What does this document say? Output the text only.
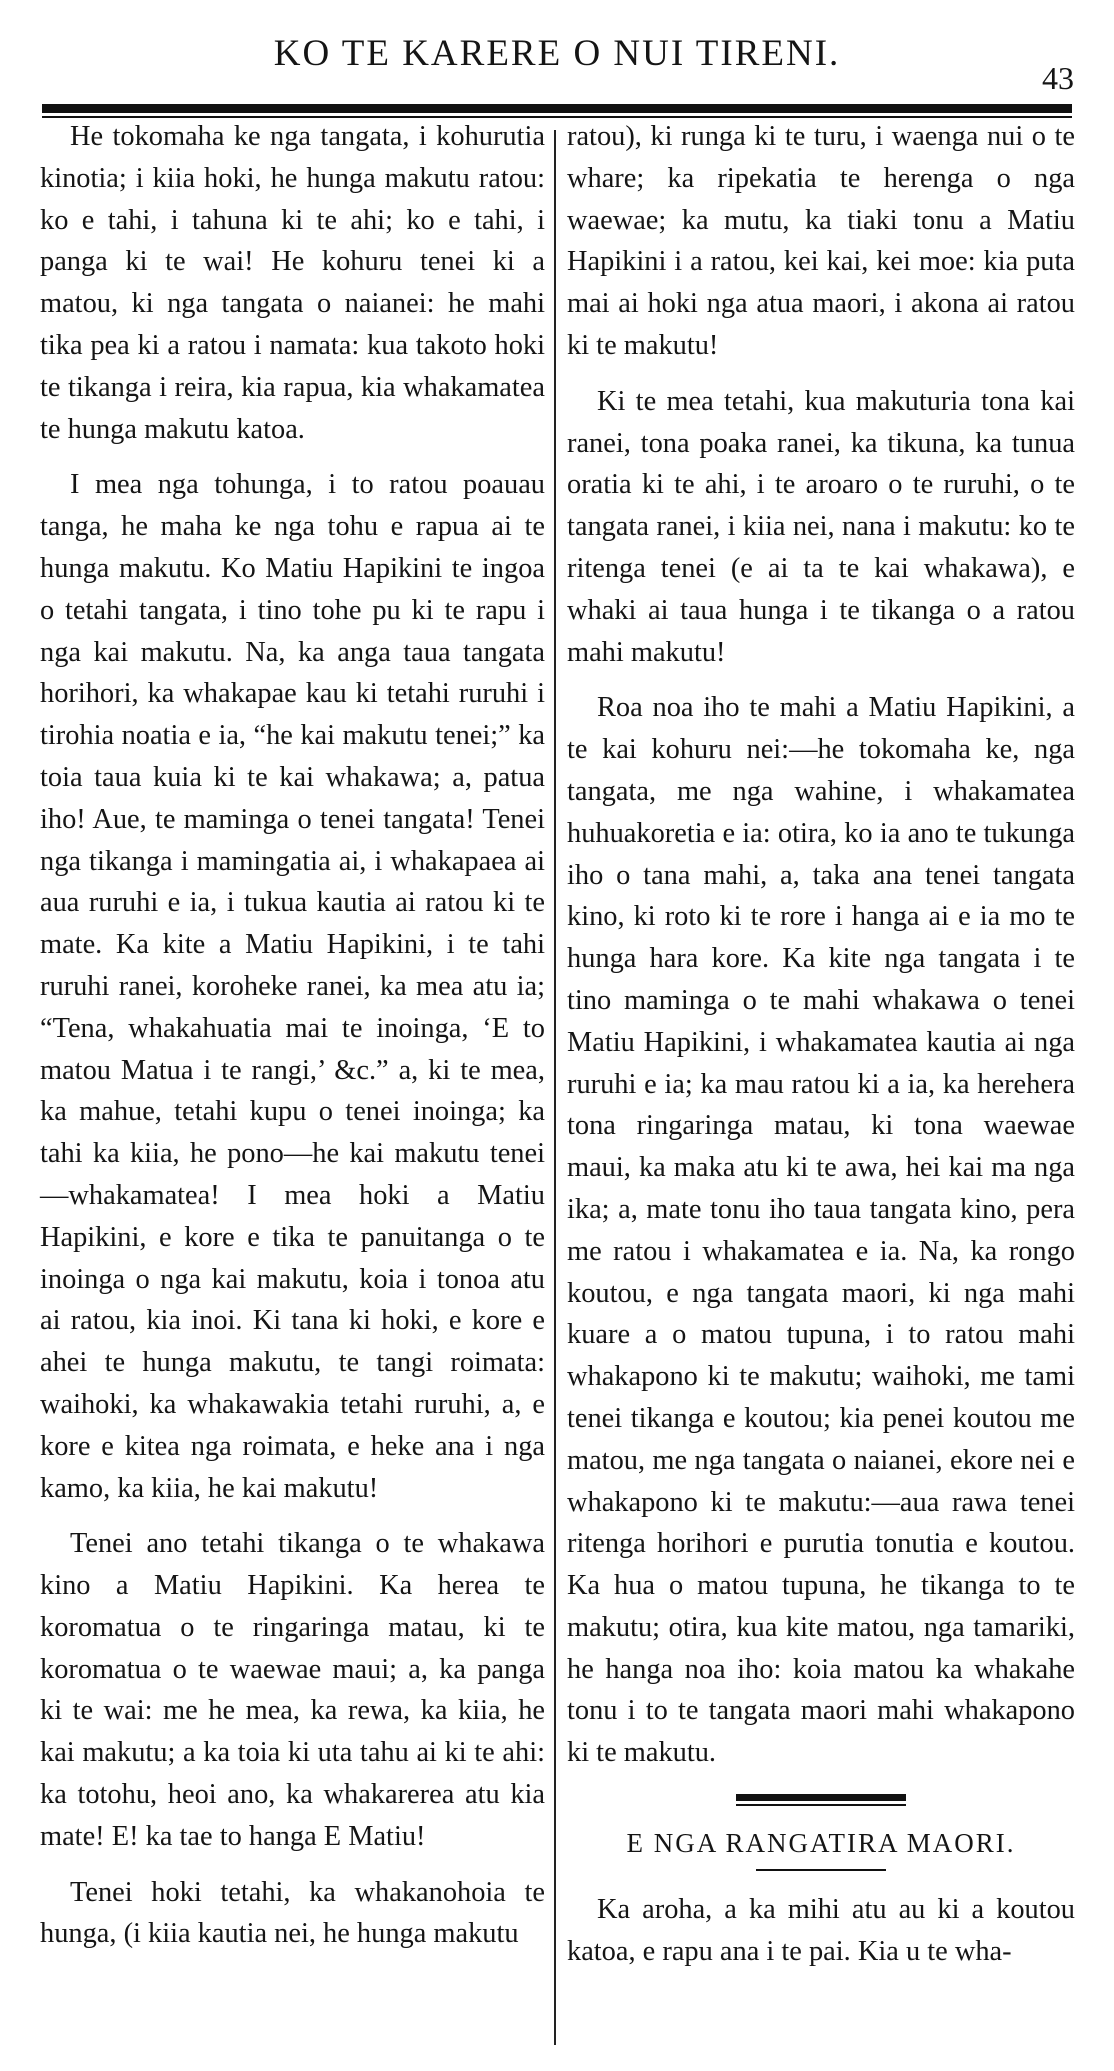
KO TE KARERE O NUI TIRENI.
43

He tokomaha ke nga tangata, i kohurutia kinotia; i kiia hoki, he hunga makutu ratou: ko e tahi, i tahuna ki te ahi; ko e tahi, i panga ki te wai! He kohuru tenei ki a matou, ki nga tangata o naianei: he mahi tika pea ki a ratou i namata: kua takoto hoki te tikanga i reira, kia rapua, kia whakamatea te hunga makutu katoa.

I mea nga tohunga, i to ratou poauau tanga, he maha ke nga tohu e rapua ai te hunga makutu. Ko Matiu Hapikini te ingoa o tetahi tangata, i tino tohe pu ki te rapu i nga kai makutu. Na, ka anga taua tangata horihori, ka whakapae kau ki tetahi ruruhi i tirohia noatia e ia, “he kai makutu tenei;” ka toia taua kuia ki te kai whakawa; a, patua iho! Aue, te maminga o tenei tangata! Tenei nga tikanga i mamingatia ai, i whakapaea ai aua ruruhi e ia, i tukua kautia ai ratou ki te mate. Ka kite a Matiu Hapikini, i te tahi ruruhi ranei, koroheke ranei, ka mea atu ia; “Tena, whakahuatia mai te inoinga, ‘E to matou Matua i te rangi,’ &c.” a, ki te mea, ka mahue, tetahi kupu o tenei inoinga; ka tahi ka kiia, he pono—he kai makutu tenei—whakamatea! I mea hoki a Matiu Hapikini, e kore e tika te panuitanga o te inoinga o nga kai makutu, koia i tonoa atu ai ratou, kia inoi. Ki tana ki hoki, e kore e ahei te hunga makutu, te tangi roimata: waihoki, ka whakawakia tetahi ruruhi, a, e kore e kitea nga roimata, e heke ana i nga kamo, ka kiia, he kai makutu!

Tenei ano tetahi tikanga o te whakawa kino a Matiu Hapikini. Ka herea te koromatua o te ringaringa matau, ki te koromatua o te waewae maui; a, ka panga ki te wai: me he mea, ka rewa, ka kiia, he kai makutu; a ka toia ki uta tahu ai ki te ahi: ka totohu, heoi ano, ka whakarerea atu kia mate! E! ka tae to hanga E Matiu!

Tenei hoki tetahi, ka whakanohoia te hunga, (i kiia kautia nei, he hunga makutu

ratou), ki runga ki te turu, i waenga nui o te whare; ka ripekatia te herenga o nga waewae; ka mutu, ka tiaki tonu a Matiu Hapikini i a ratou, kei kai, kei moe: kia puta mai ai hoki nga atua maori, i akona ai ratou ki te makutu!

Ki te mea tetahi, kua makuturia tona kai ranei, tona poaka ranei, ka tikuna, ka tunua oratia ki te ahi, i te aroaro o te ruruhi, o te tangata ranei, i kiia nei, nana i makutu: ko te ritenga tenei (e ai ta te kai whakawa), e whaki ai taua hunga i te tikanga o a ratou mahi makutu!

Roa noa iho te mahi a Matiu Hapikini, a te kai kohuru nei:—he tokomaha ke, nga tangata, me nga wahine, i whakamatea huhuakoretia e ia: otira, ko ia ano te tukunga iho o tana mahi, a, taka ana tenei tangata kino, ki roto ki te rore i hanga ai e ia mo te hunga hara kore. Ka kite nga tangata i te tino maminga o te mahi whakawa o tenei Matiu Hapikini, i whakamatea kautia ai nga ruruhi e ia; ka mau ratou ki a ia, ka herehera tona ringaringa matau, ki tona waewae maui, ka maka atu ki te awa, hei kai ma nga ika; a, mate tonu iho taua tangata kino, pera me ratou i whakamatea e ia. Na, ka rongo koutou, e nga tangata maori, ki nga mahi kuare a o matou tupuna, i to ratou mahi whakapono ki te makutu; waihoki, me tami tenei tikanga e koutou; kia penei koutou me matou, me nga tangata o naianei, ekore nei e whakapono ki te makutu:—aua rawa tenei ritenga horihori e purutia tonutia e koutou. Ka hua o matou tupuna, he tikanga to te makutu; otira, kua kite matou, nga tamariki, he hanga noa iho: koia matou ka whakahe tonu i to te tangata maori mahi whakapono ki te makutu.

E NGA RANGATIRA MAORI.

Ka aroha, a ka mihi atu au ki a koutou katoa, e rapu ana i te pai. Kia u te wha-
